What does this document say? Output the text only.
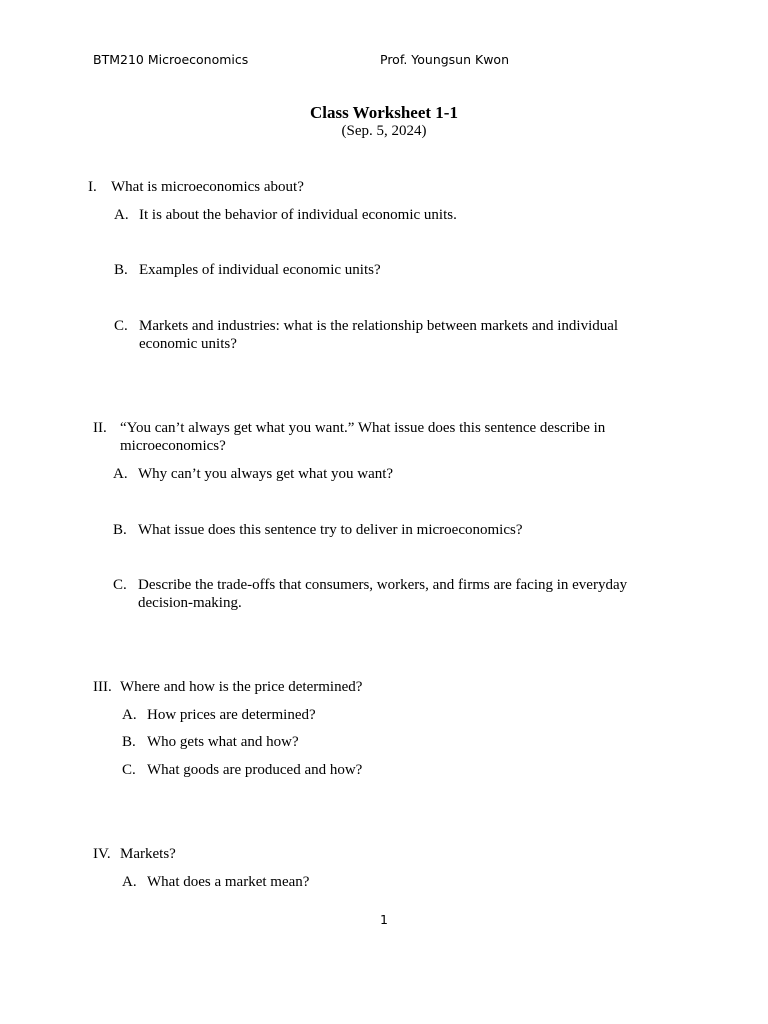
BTM210 Microeconomics	Prof. Youngsun Kwon
Class Worksheet 1-1
(Sep. 5, 2024)
I. What is microeconomics about?
A. It is about the behavior of individual economic units.
B. Examples of individual economic units?
C. Markets and industries: what is the relationship between markets and individual
economic units?
II. “You can’t always get what you want.” What issue does this sentence describe in
microeconomics?
A. Why can’t you always get what you want?
B. What issue does this sentence try to deliver in microeconomics?
C. Describe the trade-offs that consumers, workers, and firms are facing in everyday
decision-making.
III. Where and how is the price determined?
A. How prices are determined?
B. Who gets what and how?
C. What goods are produced and how?
IV. Markets?
A. What does a market mean?
1
